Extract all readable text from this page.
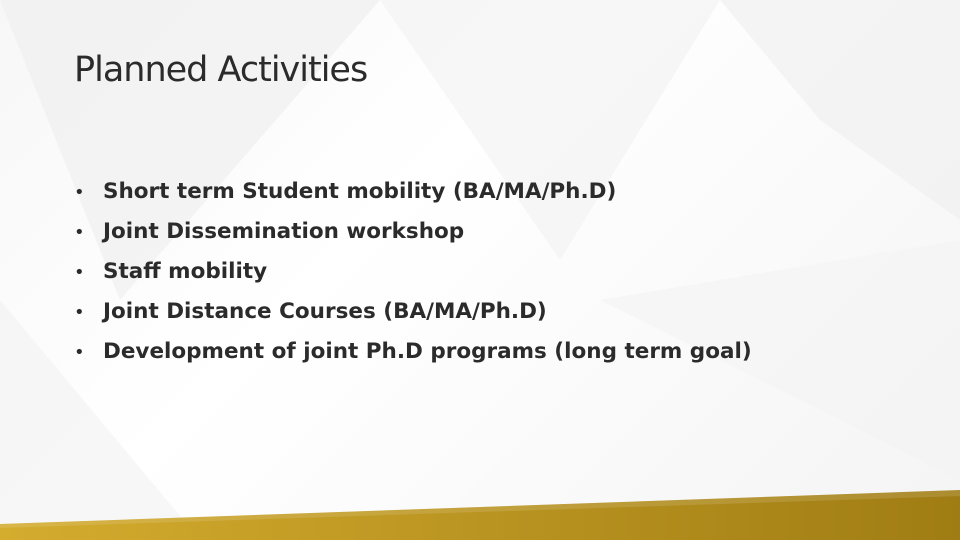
Planned Activities
• Short term Student mobility (BA/MA/Ph.D)
• Joint Dissemination workshop
• Staff mobility
• Joint Distance Courses (BA/MA/Ph.D)
• Development of joint Ph.D programs (long term goal)
